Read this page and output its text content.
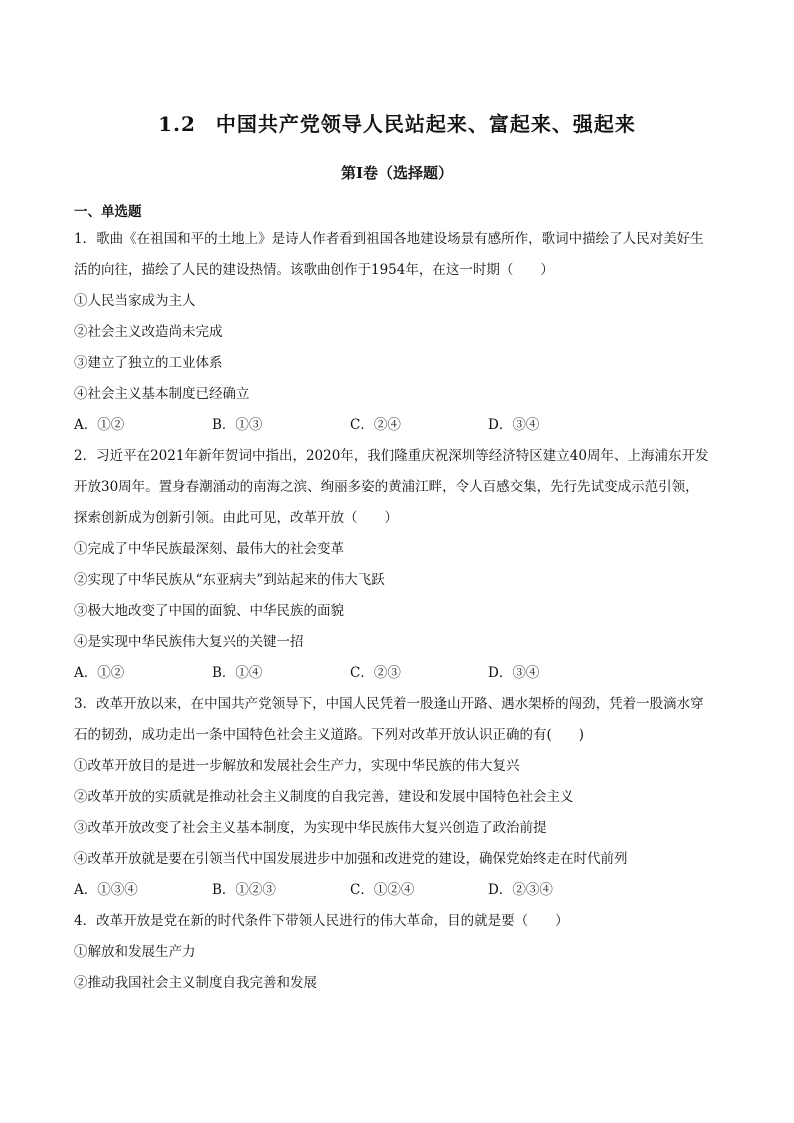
1.2 中国共产党领导人民站起来、富起来、强起来
第I卷（选择题）
一、单选题
1．歌曲《在祖国和平的土地上》是诗人作者看到祖国各地建设场景有感所作，歌词中描绘了人民对美好生
活的向往，描绘了人民的建设热情。该歌曲创作于1954年，在这一时期（　　）
①人民当家成为主人
②社会主义改造尚未完成
③建立了独立的工业体系
④社会主义基本制度已经确立
A．①②	B．①③	C．②④	D．③④
2．习近平在2021年新年贺词中指出，2020年，我们隆重庆祝深圳等经济特区建立40周年、上海浦东开发
开放30周年。置身春潮涌动的南海之滨、绚丽多姿的黄浦江畔，令人百感交集，先行先试变成示范引领，
探索创新成为创新引领。由此可见，改革开放（　　）
①完成了中华民族最深刻、最伟大的社会变革
②实现了中华民族从“东亚病夫”到站起来的伟大飞跃
③极大地改变了中国的面貌、中华民族的面貌
④是实现中华民族伟大复兴的关键一招
A．①②	B．①④	C．②③	D．③④
3．改革开放以来，在中国共产党领导下，中国人民凭着一股逢山开路、遇水架桥的闯劲，凭着一股滴水穿
石的韧劲，成功走出一条中国特色社会主义道路。下列对改革开放认识正确的有(　　)
①改革开放目的是进一步解放和发展社会生产力，实现中华民族的伟大复兴
②改革开放的实质就是推动社会主义制度的自我完善，建设和发展中国特色社会主义
③改革开放改变了社会主义基本制度，为实现中华民族伟大复兴创造了政治前提
④改革开放就是要在引领当代中国发展进步中加强和改进党的建设，确保党始终走在时代前列
A．①③④	B．①②③	C．①②④	D．②③④
4．改革开放是党在新的时代条件下带领人民进行的伟大革命，目的就是要（　　）
①解放和发展生产力
②推动我国社会主义制度自我完善和发展
